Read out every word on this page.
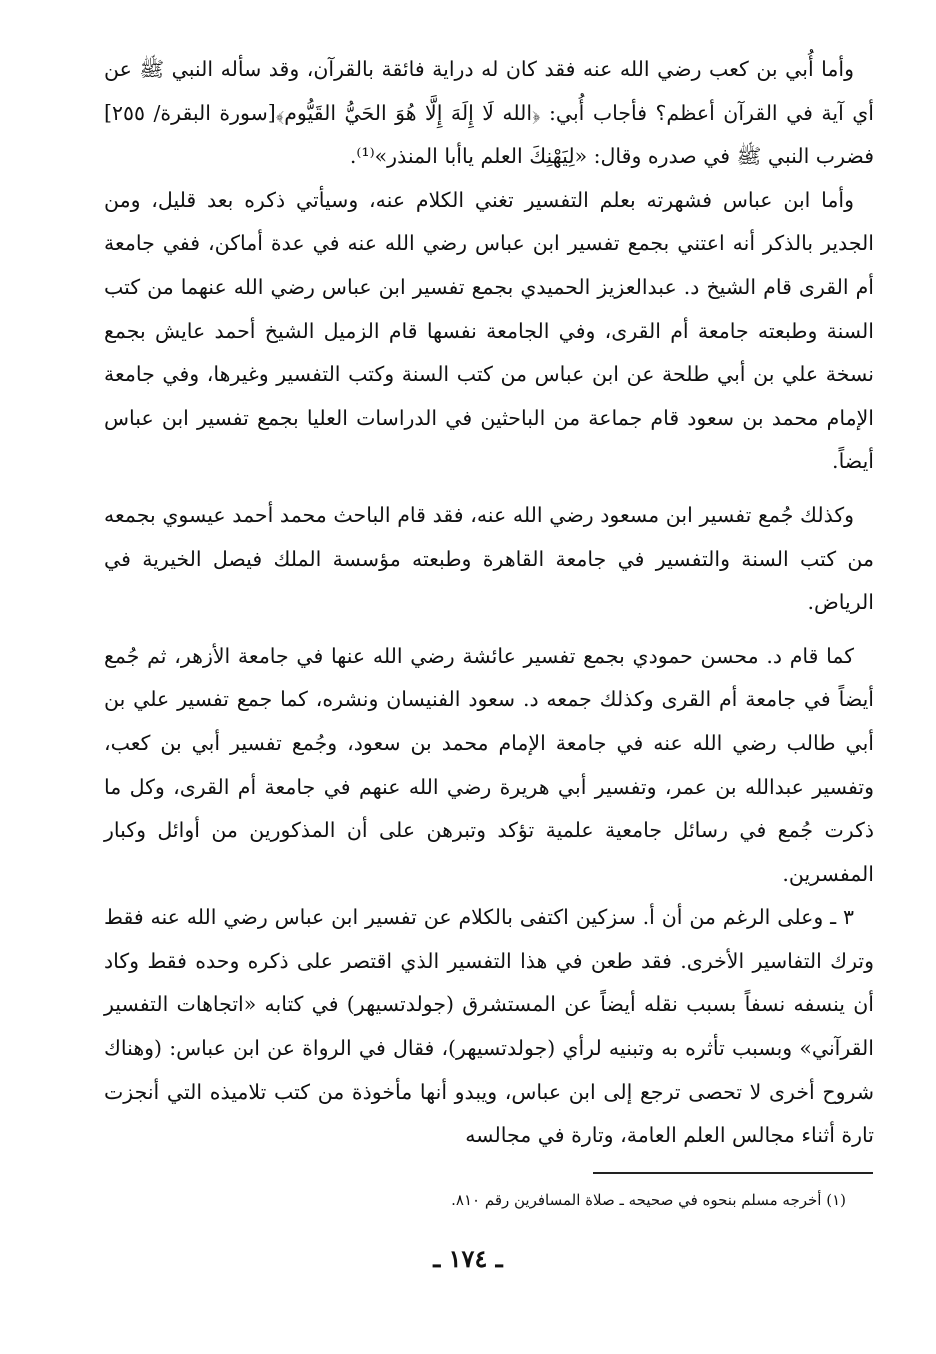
وأما أُبي بن كعب رضي الله عنه فقد كان له دراية فائقة بالقرآن، وقد سأله النبي ﷺ عن أي آية في القرآن أعظم؟ فأجاب أُبي: ﴿الله لَا إِلَهَ إِلَّا هُوَ الحَيُّ القَيُّوم﴾[سورة البقرة/ ٢٥٥] فضرب النبي ﷺ في صدره وقال: «لِيَهْنِكَ العلم ياأبا المنذر»⁽¹⁾.

وأما ابن عباس فشهرته بعلم التفسير تغني الكلام عنه، وسيأتي ذكره بعد قليل، ومن الجدير بالذكر أنه اعتني بجمع تفسير ابن عباس رضي الله عنه في عدة أماكن، ففي جامعة أم القرى قام الشيخ د. عبدالعزيز الحميدي بجمع تفسير ابن عباس رضي الله عنهما من كتب السنة وطبعته جامعة أم القرى، وفي الجامعة نفسها قام الزميل الشيخ أحمد عايش بجمع نسخة علي بن أبي طلحة عن ابن عباس من كتب السنة وكتب التفسير وغيرها، وفي جامعة الإمام محمد بن سعود قام جماعة من الباحثين في الدراسات العليا بجمع تفسير ابن عباس أيضاً.

وكذلك جُمع تفسير ابن مسعود رضي الله عنه، فقد قام الباحث محمد أحمد عيسوي بجمعه من كتب السنة والتفسير في جامعة القاهرة وطبعته مؤسسة الملك فيصل الخيرية في الرياض.

كما قام د. محسن حمودي بجمع تفسير عائشة رضي الله عنها في جامعة الأزهر، ثم جُمع أيضاً في جامعة أم القرى وكذلك جمعه د. سعود الفنيسان ونشره، كما جمع تفسير علي بن أبي طالب رضي الله عنه في جامعة الإمام محمد بن سعود، وجُمع تفسير أبي بن كعب، وتفسير عبدالله بن عمر، وتفسير أبي هريرة رضي الله عنهم في جامعة أم القرى، وكل ما ذكرت جُمع في رسائل جامعية علمية تؤكد وتبرهن على أن المذكورين من أوائل وكبار المفسرين.

٣ ـ وعلى الرغم من أن أ. سزكين اكتفى بالكلام عن تفسير ابن عباس رضي الله عنه فقط وترك التفاسير الأخرى. فقد طعن في هذا التفسير الذي اقتصر على ذكره وحده فقط وكاد أن ينسفه نسفاً بسبب نقله أيضاً عن المستشرق (جولدتسيهر) في كتابه «اتجاهات التفسير القرآني» وبسبب تأثره به وتبنيه لرأي (جولدتسيهر)، فقال في الرواة عن ابن عباس: (وهناك شروح أخرى لا تحصى ترجع إلى ابن عباس، ويبدو أنها مأخوذة من كتب تلاميذه التي أنجزت تارة أثناء مجالس العلم العامة، وتارة في مجالسه

(١) أخرجه مسلم بنحوه في صحيحه ـ صلاة المسافرين رقم ٨١٠.
ـ ١٧٤ ـ
